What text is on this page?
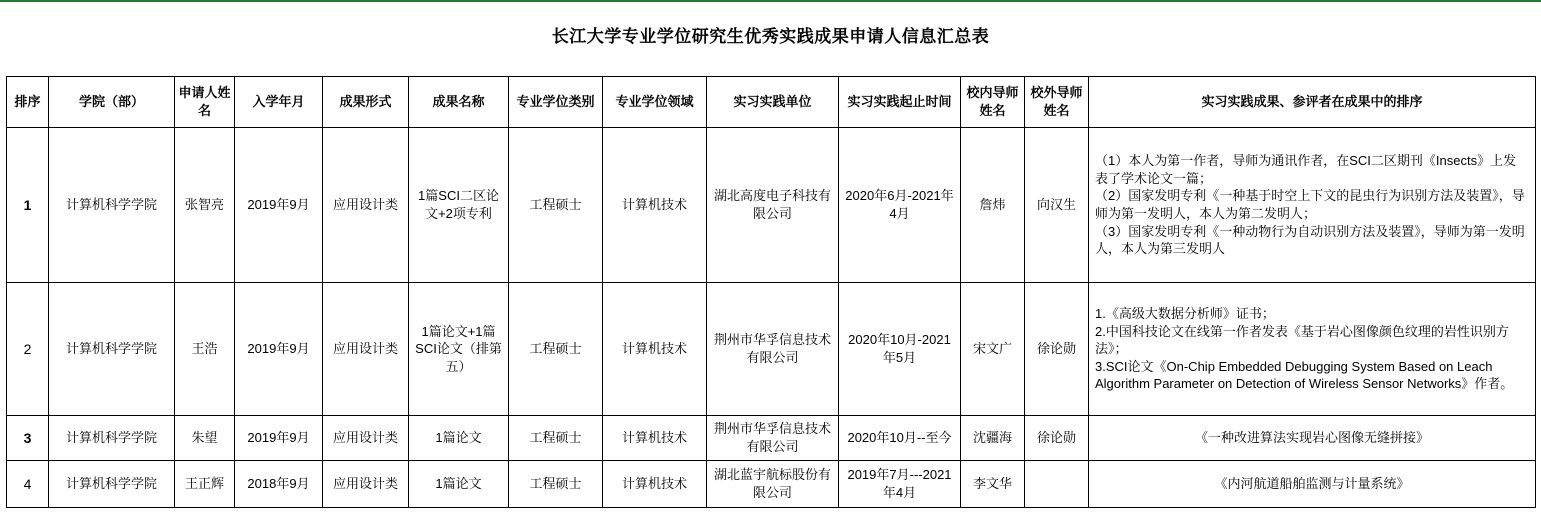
长江大学专业学位研究生优秀实践成果申请人信息汇总表
排序	学院（部）	申请人姓名	入学年月	成果形式	成果名称	专业学位类别	专业学位领域	实习实践单位	实习实践起止时间	校内导师姓名	校外导师姓名	实习实践成果、参评者在成果中的排序
1	计算机科学学院	张智亮	2019年9月	应用设计类	1篇SCI二区论文+2项专利	工程硕士	计算机技术	湖北高度电子科技有限公司	2020年6月-2021年4月	詹炜	向汉生	（1）本人为第一作者，导师为通讯作者，在SCI二区期刊《Insects》上发表了学术论文一篇；
（2）国家发明专利《一种基于时空上下文的昆虫行为识别方法及装置》，导师为第一发明人，本人为第二发明人；
（3）国家发明专利《一种动物行为自动识别方法及装置》，导师为第一发明人，本人为第三发明人

2	计算机科学学院	王浩	2019年9月	应用设计类	1篇论文+1篇SCI论文（排第五）	工程硕士	计算机技术	荆州市华孚信息技术有限公司	2020年10月-2021年5月	宋文广	徐论勋	1.《高级大数据分析师》证书；
2.中国科技论文在线第一作者发表《基于岩心图像颜色纹理的岩性识别方法》；
3.SCI论文《On-Chip Embedded Debugging System Based on Leach Algorithm Parameter on Detection of Wireless Sensor Networks》作者。

3	计算机科学学院	朱望	2019年9月	应用设计类	1篇论文	工程硕士	计算机技术	荆州市华孚信息技术有限公司	2020年10月--至今	沈疆海	徐论勋	《一种改进算法实现岩心图像无缝拼接》
4	计算机科学学院	王正辉	2018年9月	应用设计类	1篇论文	工程硕士	计算机技术	湖北蓝宇航标股份有限公司	2019年7月---2021年4月	李文华		《内河航道船舶监测与计量系统》
